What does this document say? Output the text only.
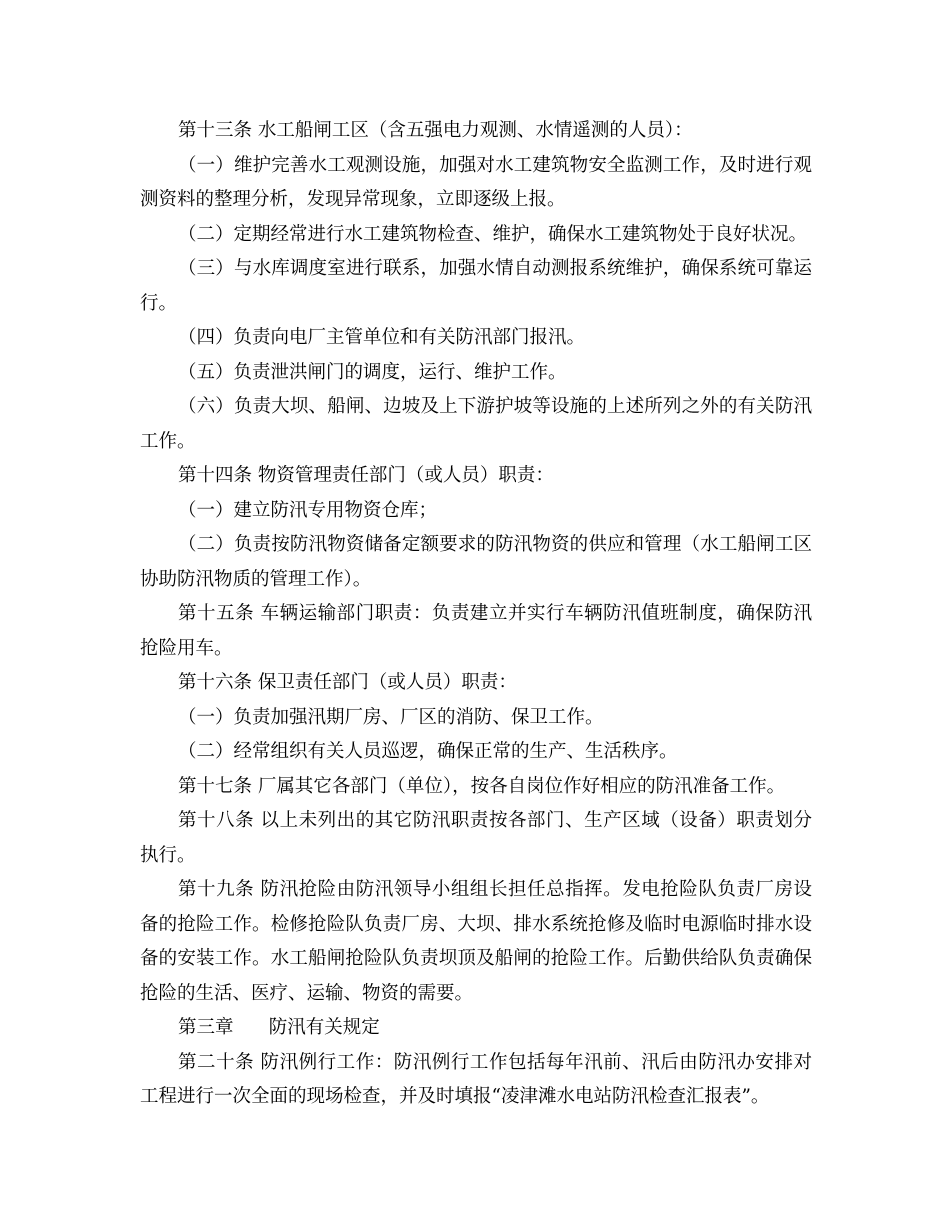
第十三条 水工船闸工区（含五强电力观测、水情遥测的人员）：

（一）维护完善水工观测设施，加强对水工建筑物安全监测工作，及时进行观测资料的整理分析，发现异常现象，立即逐级上报。

（二）定期经常进行水工建筑物检查、维护，确保水工建筑物处于良好状况。

（三）与水库调度室进行联系，加强水情自动测报系统维护，确保系统可靠运行。

（四）负责向电厂主管单位和有关防汛部门报汛。

（五）负责泄洪闸门的调度，运行、维护工作。

（六）负责大坝、船闸、边坡及上下游护坡等设施的上述所列之外的有关防汛工作。

第十四条 物资管理责任部门（或人员）职责：

（一）建立防汛专用物资仓库；

（二）负责按防汛物资储备定额要求的防汛物资的供应和管理（水工船闸工区协助防汛物质的管理工作）。

第十五条 车辆运输部门职责：负责建立并实行车辆防汛值班制度，确保防汛抢险用车。

第十六条 保卫责任部门（或人员）职责：

（一）负责加强汛期厂房、厂区的消防、保卫工作。

（二）经常组织有关人员巡逻，确保正常的生产、生活秩序。

第十七条 厂属其它各部门（单位），按各自岗位作好相应的防汛准备工作。

第十八条 以上未列出的其它防汛职责按各部门、生产区域（设备）职责划分执行。

第十九条 防汛抢险由防汛领导小组组长担任总指挥。发电抢险队负责厂房设备的抢险工作。检修抢险队负责厂房、大坝、排水系统抢修及临时电源临时排水设备的安装工作。水工船闸抢险队负责坝顶及船闸的抢险工作。后勤供给队负责确保抢险的生活、医疗、运输、物资的需要。

第三章      防汛有关规定

第二十条 防汛例行工作：防汛例行工作包括每年汛前、汛后由防汛办安排对工程进行一次全面的现场检查，并及时填报“凌津滩水电站防汛检查汇报表”。
